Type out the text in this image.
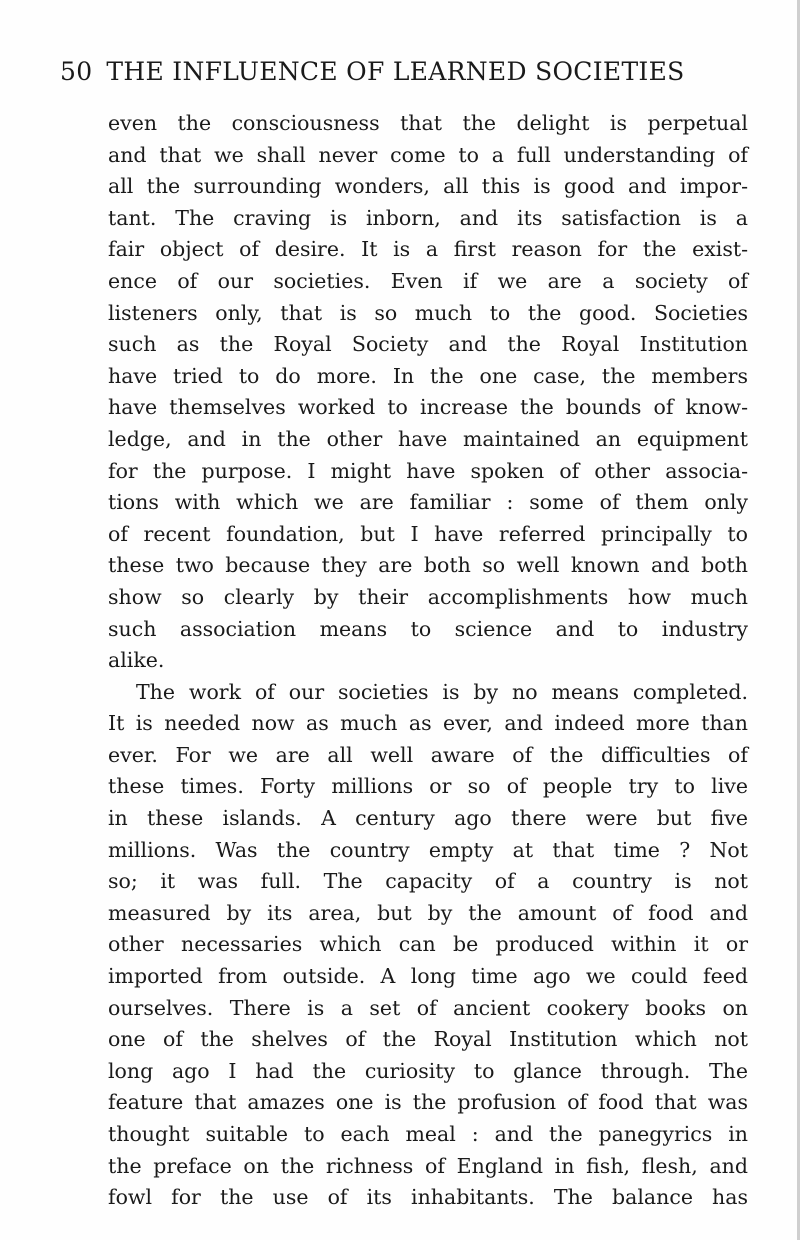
50 THE INFLUENCE OF LEARNED SOCIETIES
even the consciousness that the delight is perpetual
and that we shall never come to a full understanding of
all the surrounding wonders, all this is good and impor-
tant. The craving is inborn, and its satisfaction is a
fair object of desire. It is a first reason for the exist-
ence of our societies. Even if we are a society of
listeners only, that is so much to the good. Societies
such as the Royal Society and the Royal Institution
have tried to do more. In the one case, the members
have themselves worked to increase the bounds of know-
ledge, and in the other have maintained an equipment
for the purpose. I might have spoken of other associa-
tions with which we are familiar : some of them only
of recent foundation, but I have referred principally to
these two because they are both so well known and both
show so clearly by their accomplishments how much
such association means to science and to industry
alike.
The work of our societies is by no means completed.
It is needed now as much as ever, and indeed more than
ever. For we are all well aware of the difficulties of
these times. Forty millions or so of people try to live
in these islands. A century ago there were but five
millions. Was the country empty at that time ? Not
so; it was full. The capacity of a country is not
measured by its area, but by the amount of food and
other necessaries which can be produced within it or
imported from outside. A long time ago we could feed
ourselves. There is a set of ancient cookery books on
one of the shelves of the Royal Institution which not
long ago I had the curiosity to glance through. The
feature that amazes one is the profusion of food that was
thought suitable to each meal : and the panegyrics in
the preface on the richness of England in fish, flesh, and
fowl for the use of its inhabitants. The balance has
